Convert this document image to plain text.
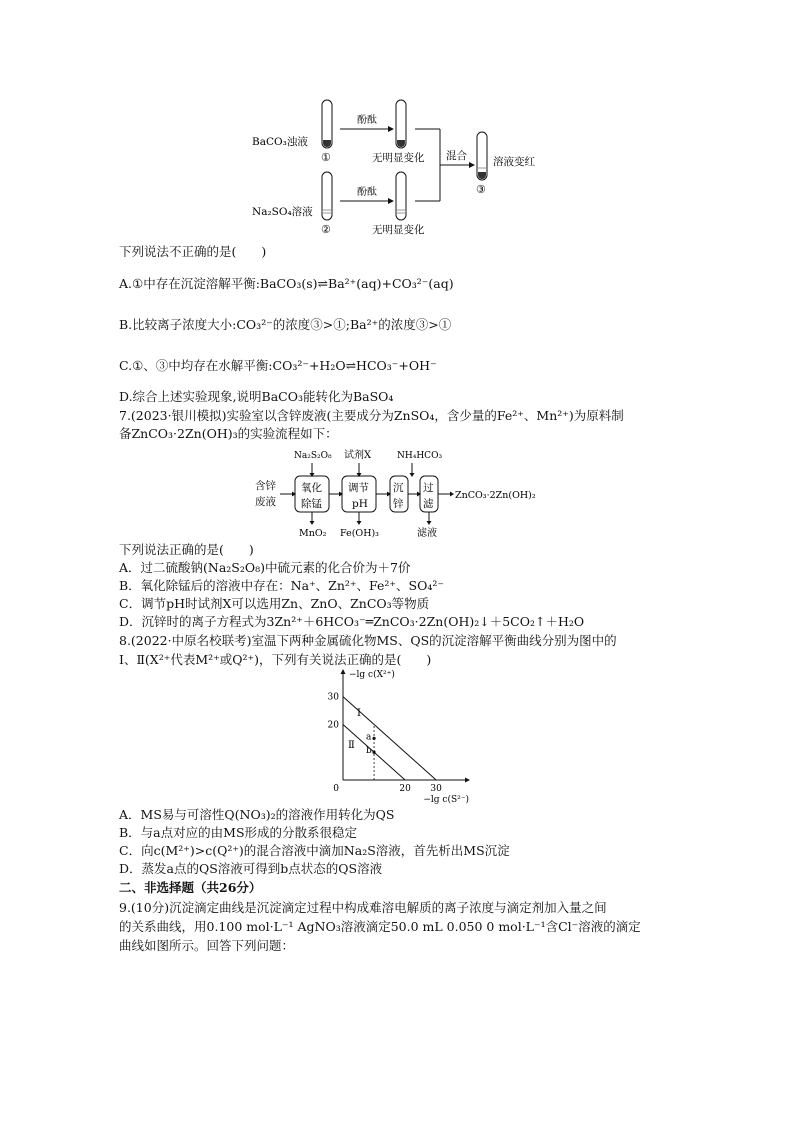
BaCO₃浊液
Na₂SO₄溶液
①
②
酚酞
酚酞
无明显变化
无明显变化
混合 溶液变红
③
下列说法不正确的是(　　)
A.①中存在沉淀溶解平衡:BaCO₃(s)⇌Ba²⁺(aq)+CO₃²⁻(aq)
B.比较离子浓度大小:CO₃²⁻的浓度③>①;Ba²⁺的浓度③>①
C.①、③中均存在水解平衡:CO₃²⁻+H₂O⇌HCO₃⁻+OH⁻
D.综合上述实验现象,说明BaCO₃能转化为BaSO₄
7.(2023·银川模拟)实验室以含锌废液(主要成分为ZnSO₄，含少量的Fe²⁺、Mn²⁺)为原料制
备ZnCO₃·2Zn(OH)₃的实验流程如下：
含锌
废液
Na₂S₂O₈ 试剂X	NH₄HCO₃
氧化
除锰
调节
pH
沉
锌
过
滤
ZnCO₃·2Zn(OH)₂
MnO₂ Fe(OH)₃	滤液
下列说法正确的是(　　)
A．过二硫酸钠(Na₂S₂O₈)中硫元素的化合价为＋7价
B．氧化除锰后的溶液中存在：Na⁺、Zn²⁺、Fe²⁺、SO₄²⁻
C．调节pH时试剂X可以选用Zn、ZnO、ZnCO₃等物质
D．沉锌时的离子方程式为3Zn²⁺＋6HCO₃⁻═ZnCO₃·2Zn(OH)₂↓＋5CO₂↑＋H₂O
8.(2022·中原名校联考)室温下两种金属硫化物MS、QS的沉淀溶解平衡曲线分别为图中的
Ⅰ、Ⅱ(X²⁺代表M²⁺或Q²⁺)，下列有关说法正确的是(　　)
Ⅰ
Ⅱ
a
b
20
30
20 30
0
−lg c(X²⁺)
−lg c(S²⁻)
A．MS易与可溶性Q(NO₃)₂的溶液作用转化为QS
B．与a点对应的由MS形成的分散系很稳定
C．向c(M²⁺)>c(Q²⁺)的混合溶液中滴加Na₂S溶液，首先析出MS沉淀
D．蒸发a点的QS溶液可得到b点状态的QS溶液
二、非选择题（共26分）
9.(10分)沉淀滴定曲线是沉淀滴定过程中构成难溶电解质的离子浓度与滴定剂加入量之间
的关系曲线，用0.100 mol·L⁻¹ AgNO₃溶液滴定50.0 mL 0.050 0 mol·L⁻¹含Cl⁻溶液的滴定
曲线如图所示。回答下列问题：
